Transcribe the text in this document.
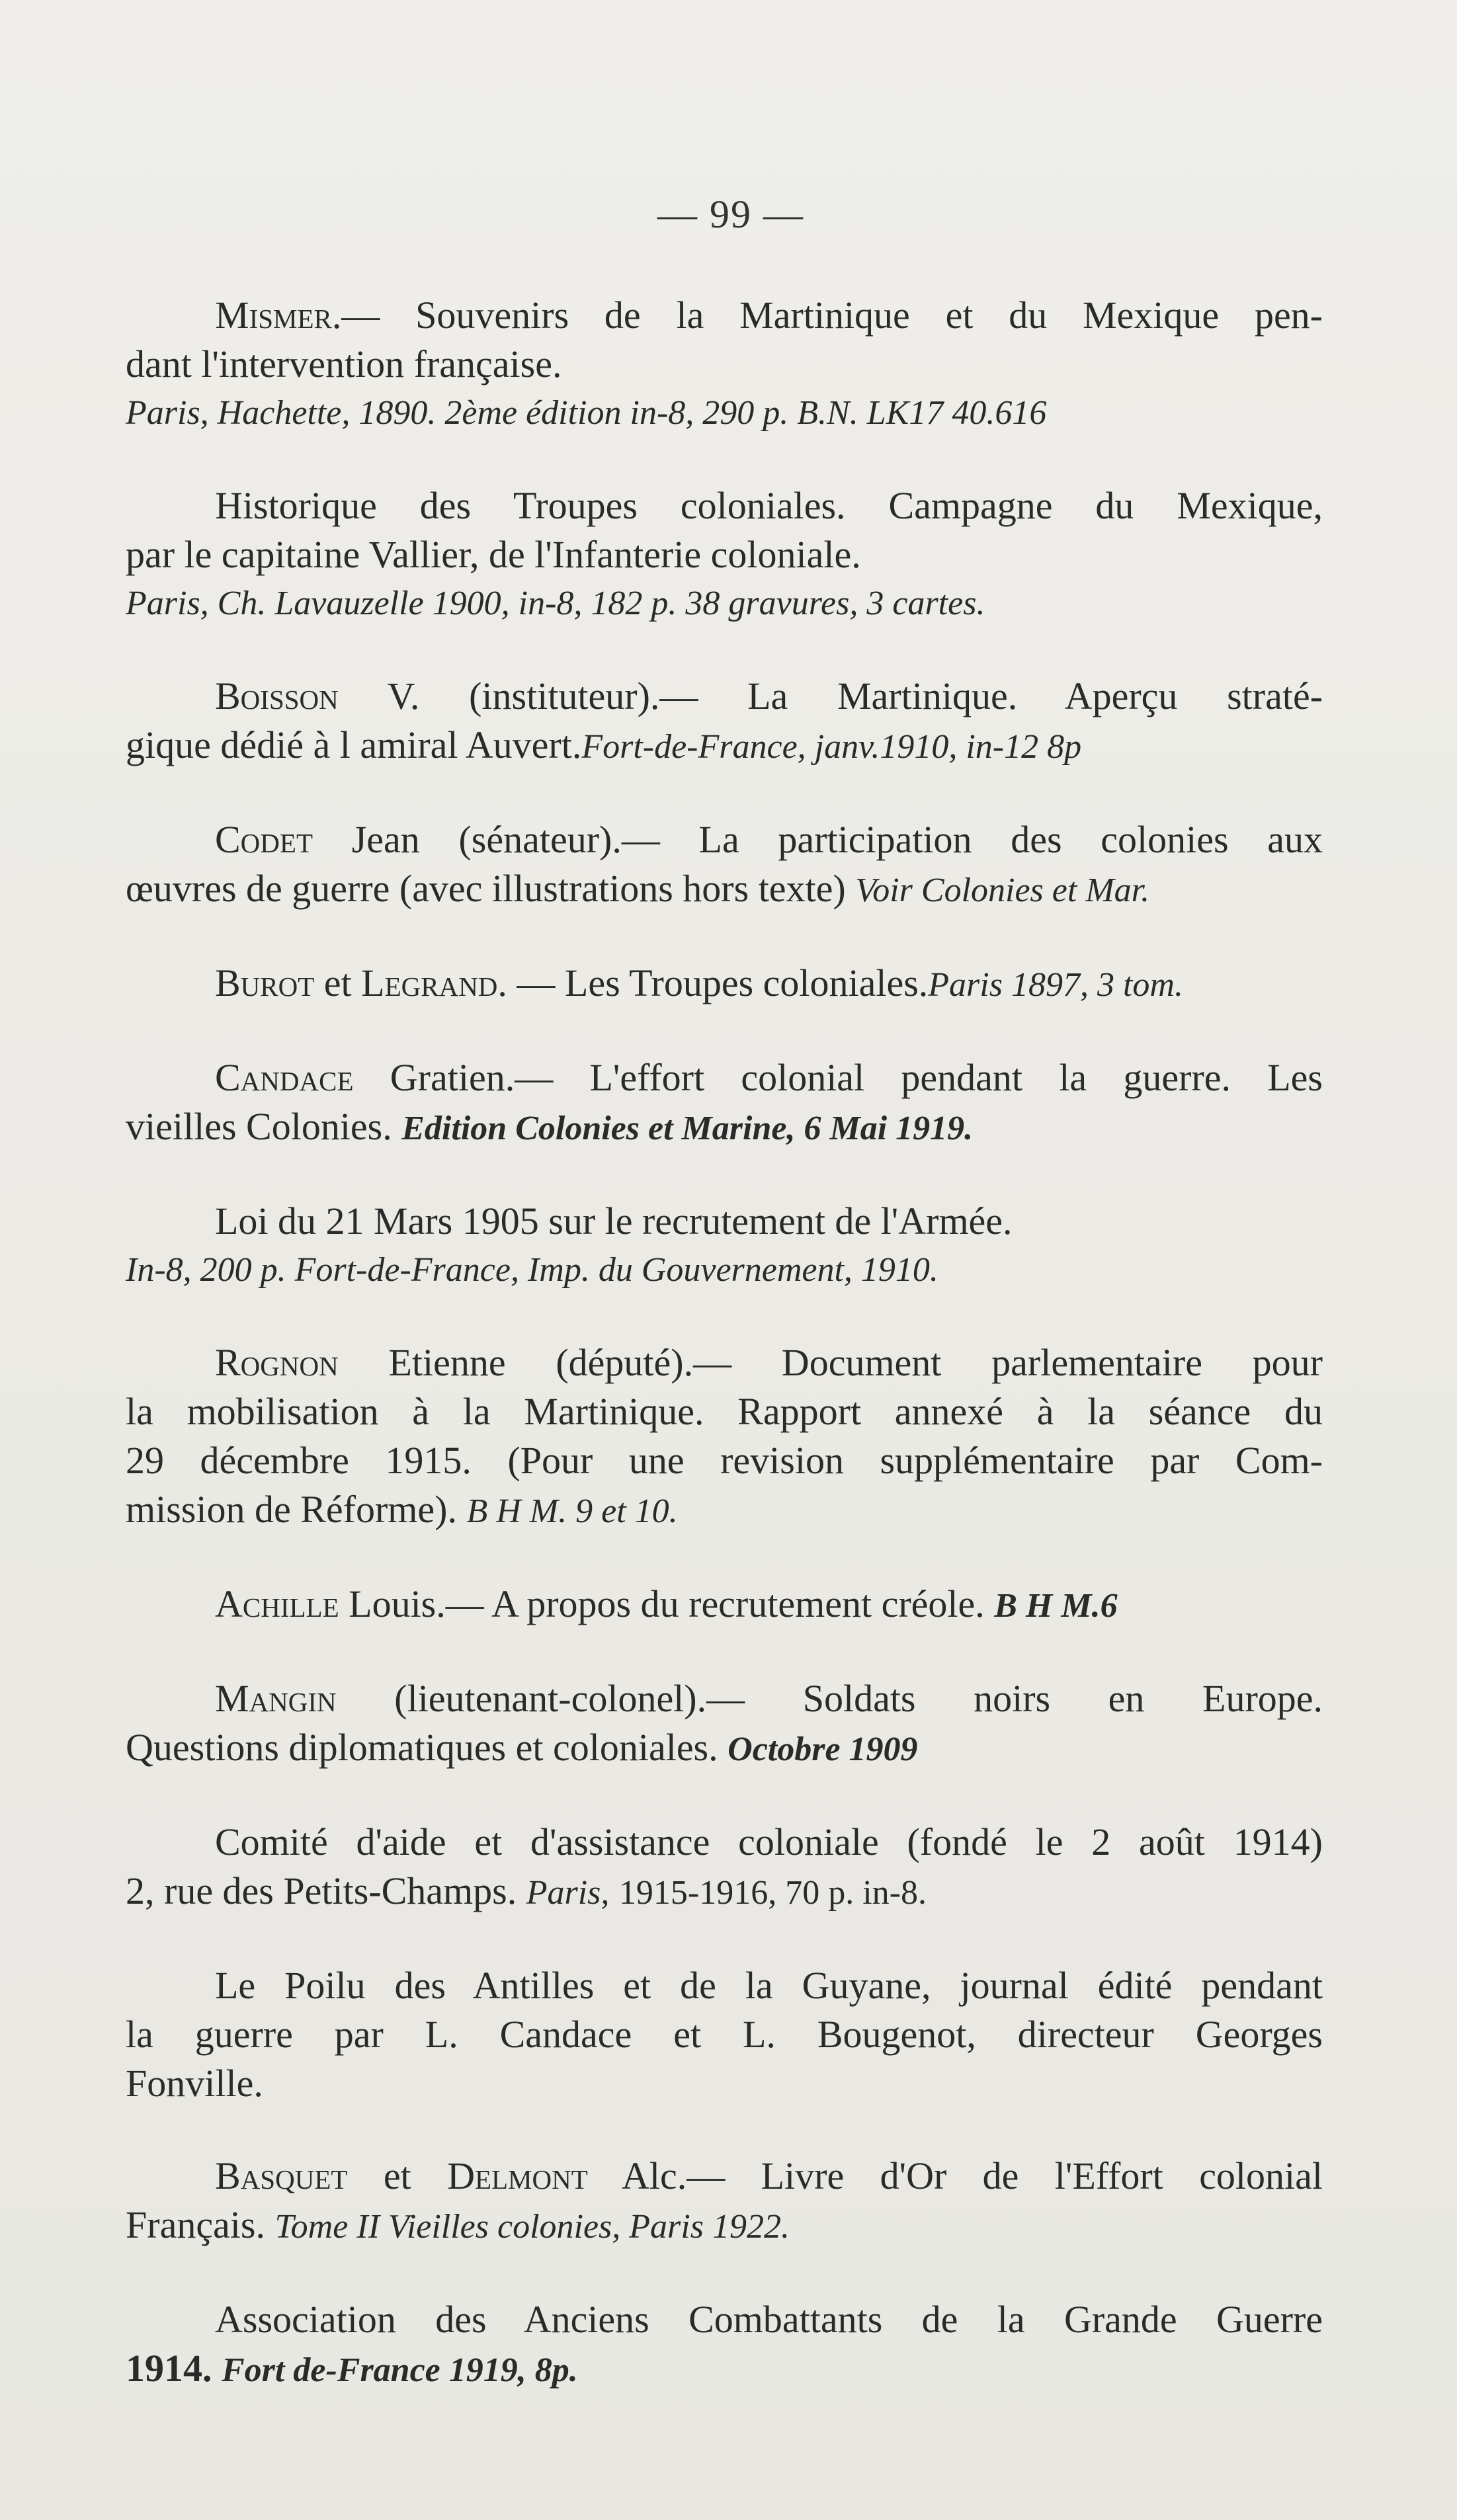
— 99 —
Mismer.— Souvenirs de la Martinique et du Mexique pen-
dant l'intervention française.
Paris, Hachette, 1890. 2ème édition in-8, 290 p. B.N. LK17 40.616
Historique des Troupes coloniales. Campagne du Mexique,
par le capitaine Vallier, de l'Infanterie coloniale.
Paris, Ch. Lavauzelle 1900, in-8, 182 p. 38 gravures, 3 cartes.
Boisson V. (instituteur).— La Martinique. Aperçu straté-
gique dédié à l amiral Auvert.Fort-de-France, janv.1910, in-12 8p
Codet Jean (sénateur).— La participation des colonies aux
œuvres de guerre (avec illustrations hors texte) Voir Colonies et Mar.
Burot et Legrand. — Les Troupes coloniales.Paris 1897, 3 tom.
Candace Gratien.— L'effort colonial pendant la guerre. Les
vieilles Colonies. Edition Colonies et Marine, 6 Mai 1919.
Loi du 21 Mars 1905 sur le recrutement de l'Armée.
In-8, 200 p. Fort-de-France, Imp. du Gouvernement, 1910.
Rognon Etienne (député).— Document parlementaire pour
la mobilisation à la Martinique. Rapport annexé à la séance du
29 décembre 1915. (Pour une revision supplémentaire par Com-
mission de Réforme). B H M. 9 et 10.
Achille Louis.— A propos du recrutement créole. B H M.6
Mangin (lieutenant-colonel).— Soldats noirs en Europe.
Questions diplomatiques et coloniales. Octobre 1909
Comité d'aide et d'assistance coloniale (fondé le 2 août 1914)
2, rue des Petits-Champs. Paris, 1915-1916, 70 p. in-8.
Le Poilu des Antilles et de la Guyane, journal édité pendant
la guerre par L. Candace et L. Bougenot, directeur Georges
Fonville.
Basquet et Delmont Alc.— Livre d'Or de l'Effort colonial
Français. Tome II Vieilles colonies, Paris 1922.
Association des Anciens Combattants de la Grande Guerre
1914. Fort de-France 1919, 8p.
